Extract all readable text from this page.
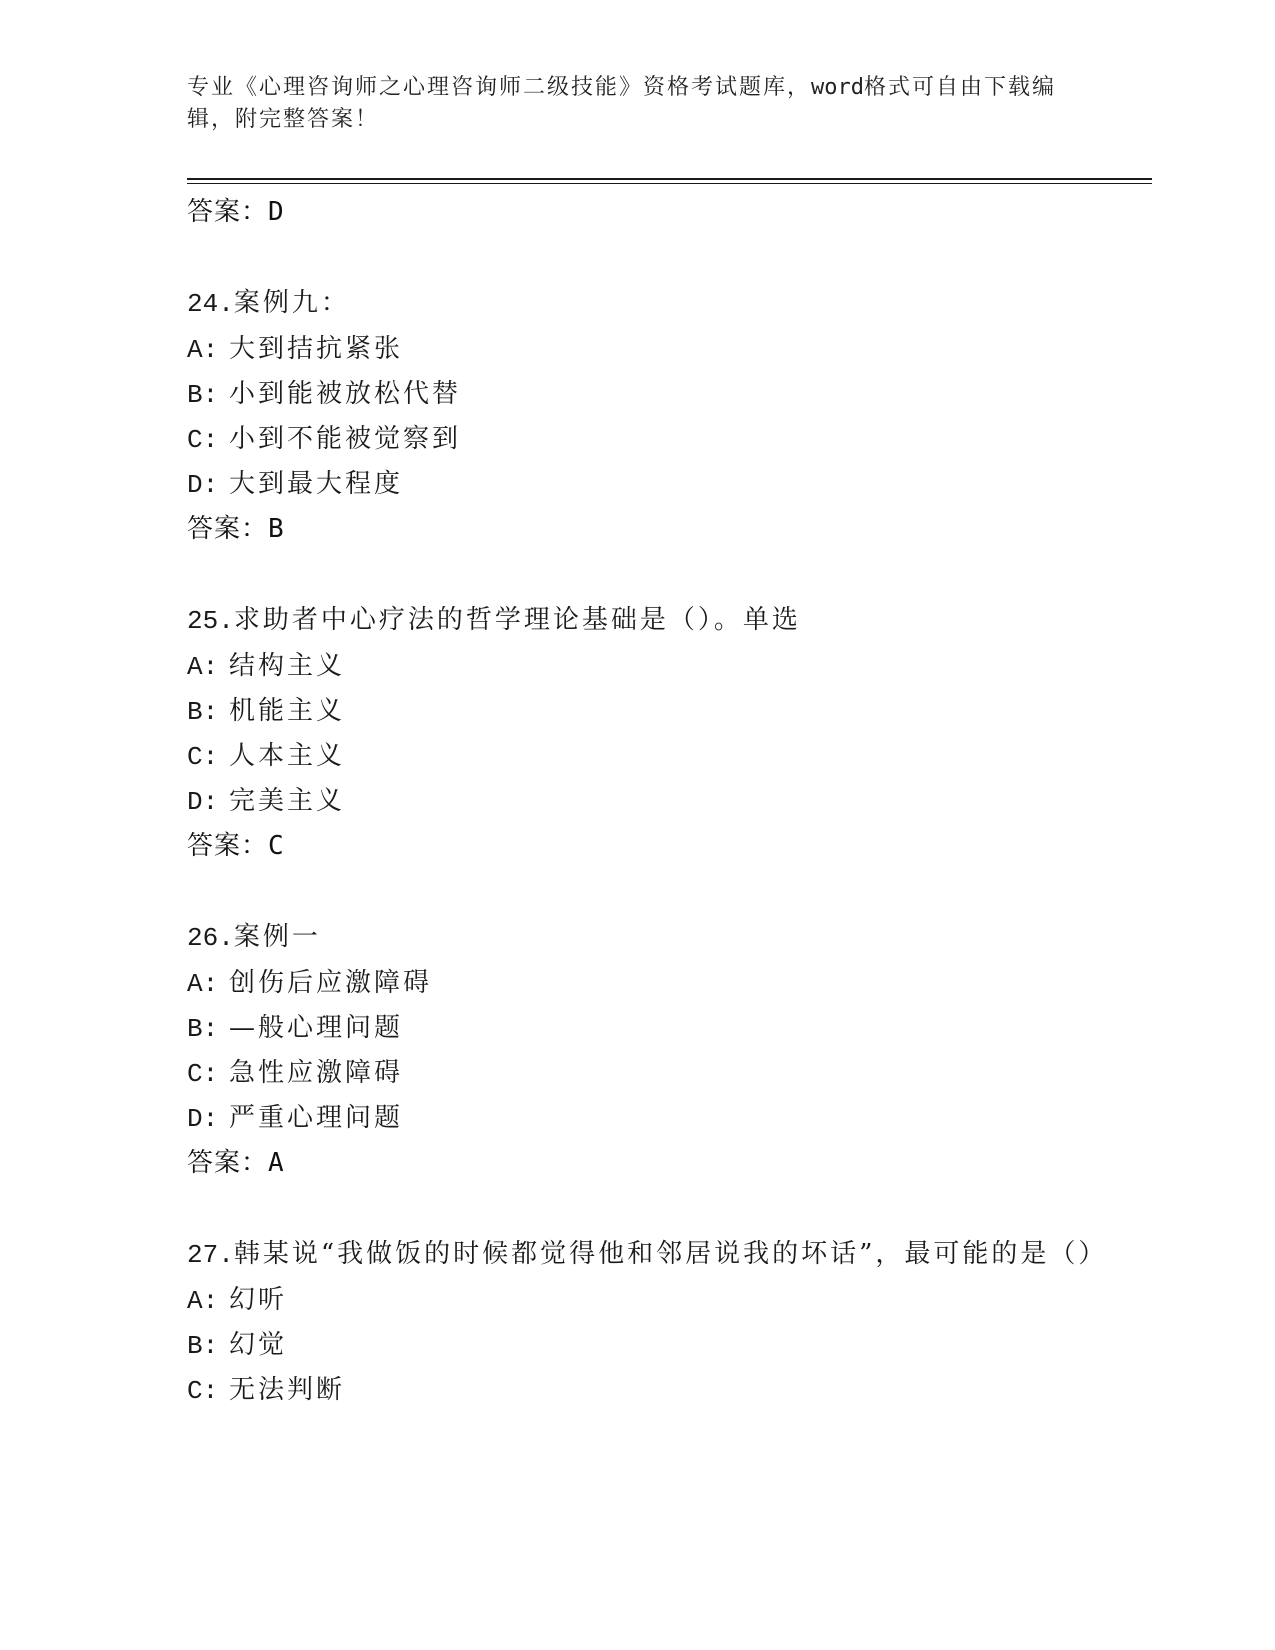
专业《心理咨询师之心理咨询师二级技能》资格考试题库，word格式可自由下载编辑，附完整答案！
答案：D
24.案例九：
A: 大到拮抗紧张
B: 小到能被放松代替
C: 小到不能被觉察到
D: 大到最大程度
答案：B
25.求助者中心疗法的哲学理论基础是（）。单选
A: 结构主义
B: 机能主义
C: 人本主义
D: 完美主义
答案：C
26.案例一
A: 创伤后应激障碍
B: —般心理问题
C: 急性应激障碍
D: 严重心理问题
答案：A
27.韩某说“我做饭的时候都觉得他和邻居说我的坏话”，最可能的是（）
A: 幻听
B: 幻觉
C: 无法判断
